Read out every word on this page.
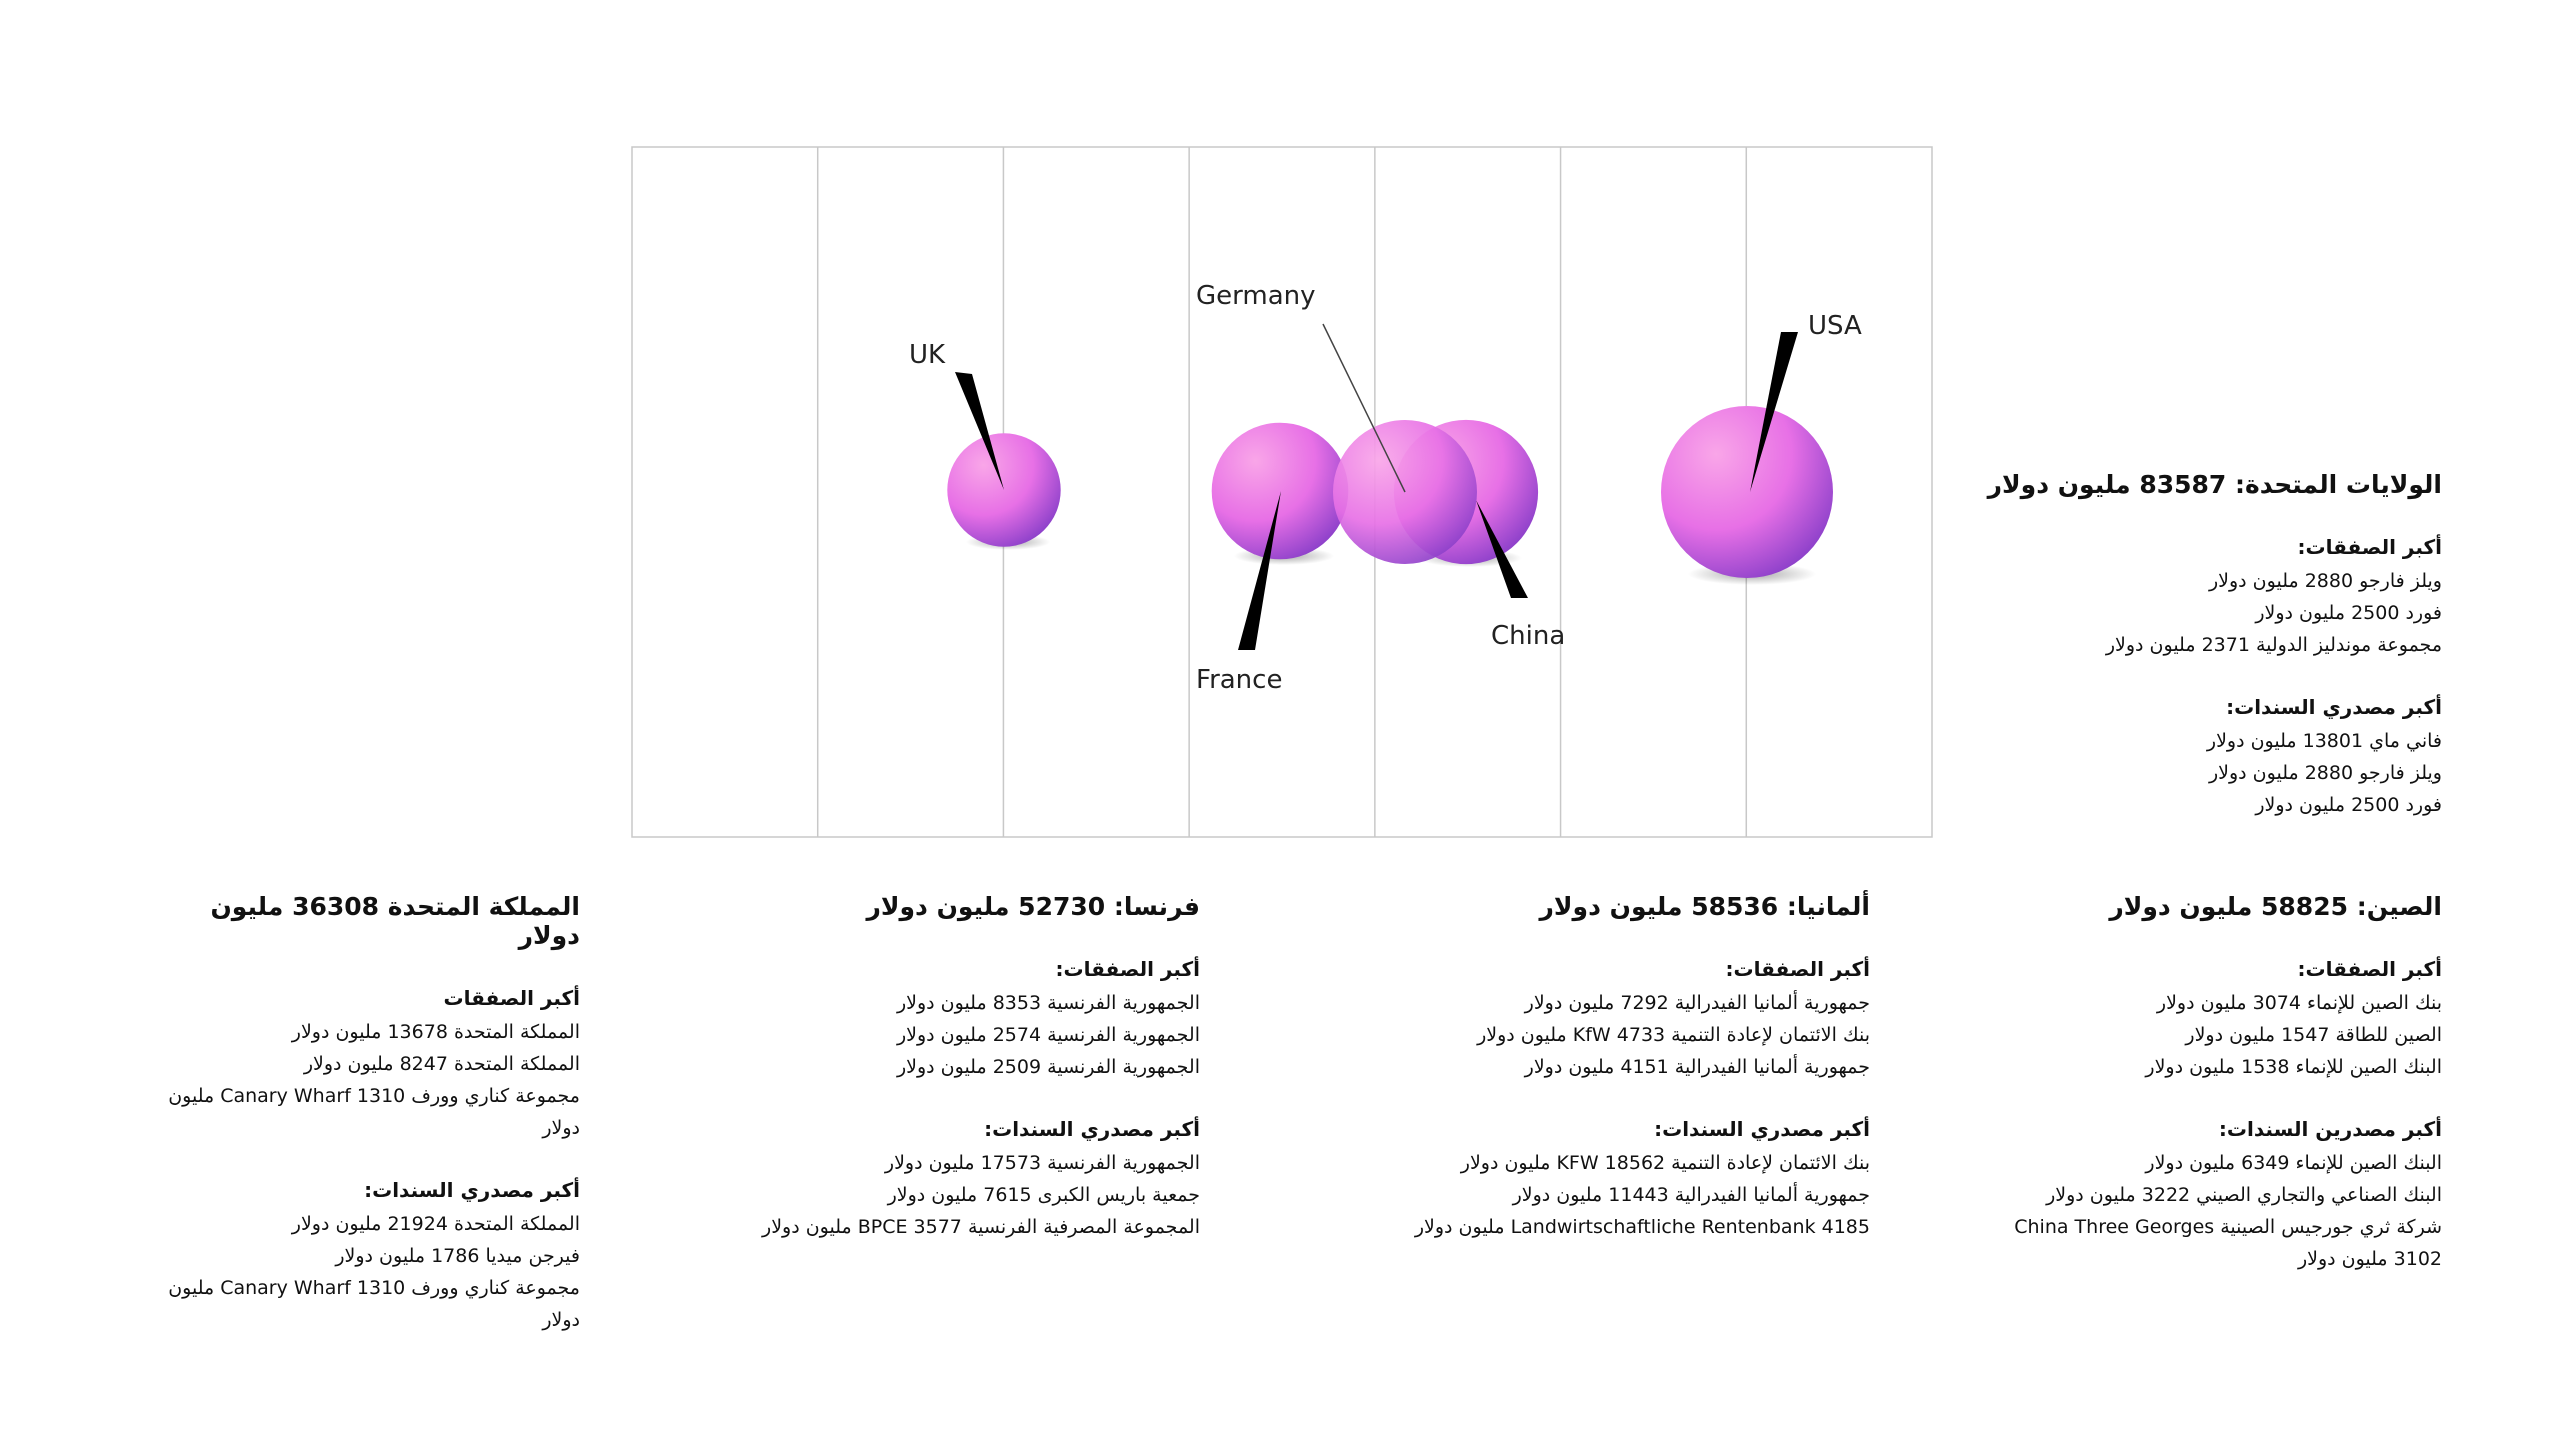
UK
France
China
Germany
USA
الولايات المتحدة: 83587 مليون دولار
أكبر الصفقات:
ويلز فارجو 2880 مليون دولار
فورد 2500 مليون دولار
مجموعة موندليز الدولية 2371 مليون دولار
أكبر مصدري السندات:
فاني ماي 13801 مليون دولار
ويلز فارجو 2880 مليون دولار
فورد 2500 مليون دولار
الصين: 58825 مليون دولار
أكبر الصفقات:
بنك الصين للإنماء 3074 مليون دولار
الصين للطاقة 1547 مليون دولار
البنك الصين للإنماء 1538 مليون دولار
أكبر مصدرين السندات:
البنك الصين للإنماء 6349 مليون دولار
البنك الصناعي والتجاري الصيني 3222 مليون دولار
شركة ثري جورجيس الصينية China Three Georges
3102 مليون دولار
ألمانيا: 58536 مليون دولار
أكبر الصفقات:
جمهورية ألمانيا الفيدرالية 7292 مليون دولار
بنك الائتمان لإعادة التنمية 4733 KfW مليون دولار
جمهورية ألمانيا الفيدرالية 4151 مليون دولار
أكبر مصدري السندات:
بنك الائتمان لإعادة التنمية KFW 18562 مليون دولار
جمهورية ألمانيا الفيدرالية 11443 مليون دولار
Landwirtschaftliche Rentenbank 4185 مليون دولار
فرنسا: 52730 مليون دولار
أكبر الصفقات:
الجمهورية الفرنسية 8353 مليون دولار
الجمهورية الفرنسية 2574 مليون دولار
الجمهورية الفرنسية 2509 مليون دولار
أكبر مصدري السندات:
الجمهورية الفرنسية 17573 مليون دولار
جمعية باريس الكبرى 7615 مليون دولار
المجموعة المصرفية الفرنسية BPCE 3577 مليون دولار
المملكة المتحدة 36308 مليون دولار
أكبر الصفقات
المملكة المتحدة 13678 مليون دولار
المملكة المتحدة 8247 مليون دولار
مجموعة كناري وورف Canary Wharf 1310 مليون دولار
أكبر مصدري السندات:
المملكة المتحدة 21924 مليون دولار
فيرجن ميديا 1786 مليون دولار
مجموعة كناري وورف Canary Wharf 1310 مليون دولار
